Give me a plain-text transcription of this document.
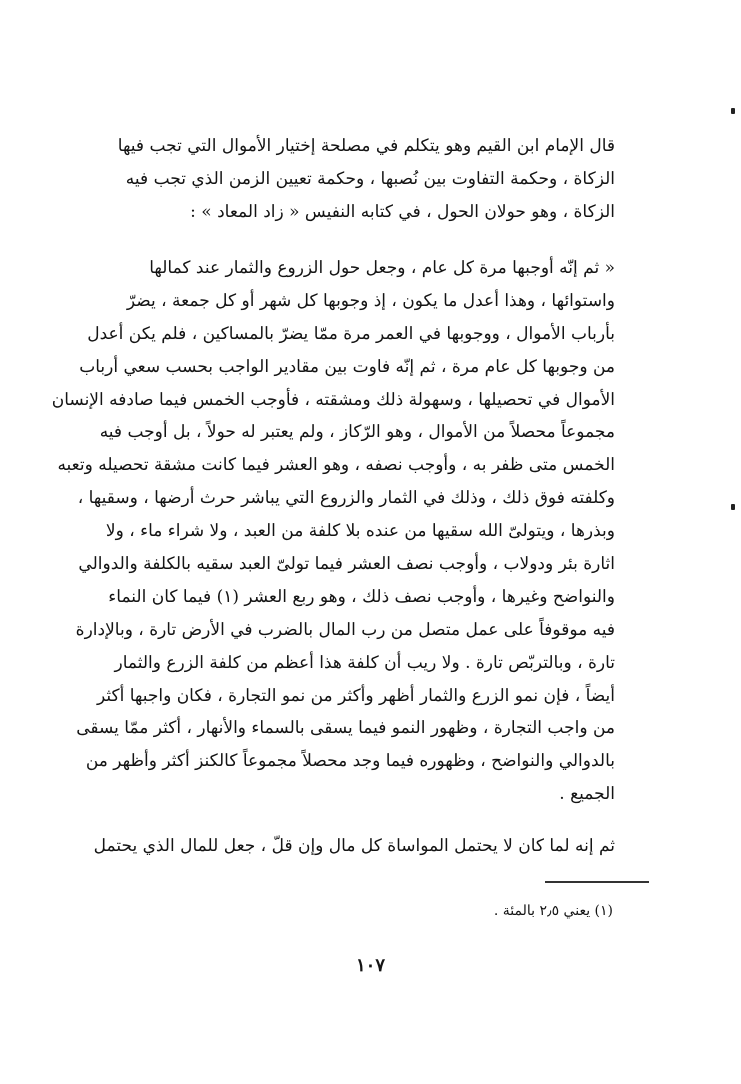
قال الإمام ابن القيم وهو يتكلم في مصلحة إختيار الأموال التي تجب فيها
الزكاة ، وحكمة التفاوت بين نُصبها ، وحكمة تعيين الزمن الذي تجب فيه
الزكاة ، وهو حولان الحول ، في كتابه النفيس « زاد المعاد » :
« ثم إنّه أوجبها مرة كل عام ، وجعل حول الزروع والثمار عند كمالها
واستوائها ، وهذا أعدل ما يكون ، إذ وجوبها كل شهر أو كل جمعة ، يضرّ
بأرباب الأموال ، ووجوبها في العمر مرة ممّا يضرّ بالمساكين ، فلم يكن أعدل
من وجوبها كل عام مرة ، ثم إنّه فاوت بين مقادير الواجب بحسب سعي أرباب
الأموال في تحصيلها ، وسهولة ذلك ومشقته ، فأوجب الخمس فيما صادفه الإنسان
مجموعاً محصلاً من الأموال ، وهو الرّكاز ، ولم يعتبر له حولاً ، بل أوجب فيه
الخمس متى ظفر به ، وأوجب نصفه ، وهو العشر فيما كانت مشقة تحصيله وتعبه
وكلفته فوق ذلك ، وذلك في الثمار والزروع التي يباشر حرث أرضها ، وسقيها ،
وبذرها ، ويتولىّ الله سقيها من عنده بلا كلفة من العبد ، ولا شراء ماء ، ولا
اثارة بئر ودولاب ، وأوجب نصف العشر فيما تولىّ العبد سقيه بالكلفة والدوالي
والنواضح وغيرها ، وأوجب نصف ذلك ، وهو ربع العشر (١) فيما كان النماء
فيه موقوفاً على عمل متصل من رب المال بالضرب في الأرض تارة ، وبالإدارة
تارة ، وبالتربّص تارة . ولا ريب أن كلفة هذا أعظم من كلفة الزرع والثمار
أيضاً ، فإن نمو الزرع والثمار أظهر وأكثر من نمو التجارة ، فكان واجبها أكثر
من واجب التجارة ، وظهور النمو فيما يسقى بالسماء والأنهار ، أكثر ممّا يسقى
بالدوالي والنواضح ، وظهوره فيما وجد محصلاً مجموعاً كالكنز أكثر وأظهر من
الجميع .
ثم إنه لما كان لا يحتمل المواساة كل مال وإن قلّ ، جعل للمال الذي يحتمل
(١) يعني ٢٫٥ بالمئة .
١٠٧
